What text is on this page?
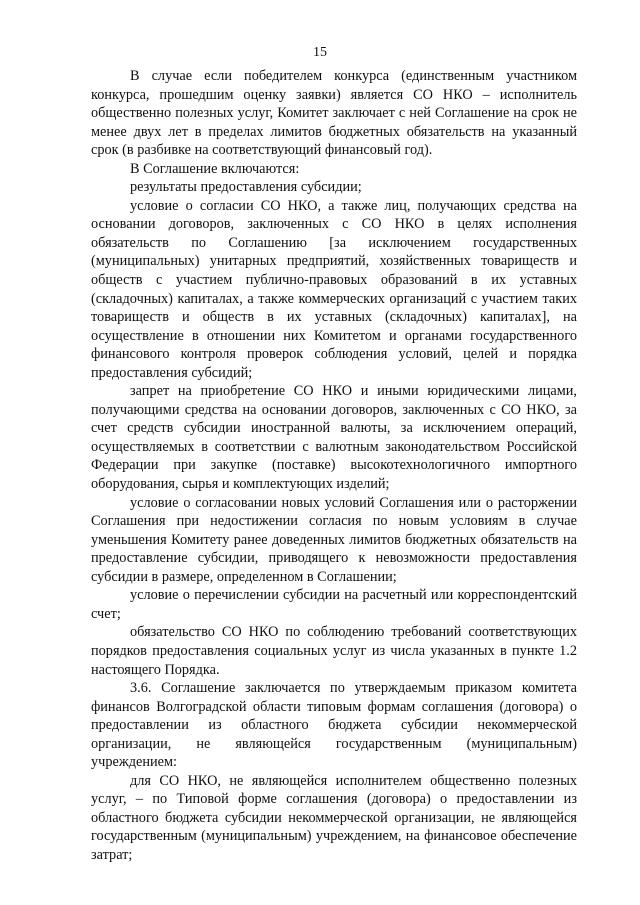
15

В случае если победителем конкурса (единственным участником конкурса, прошедшим оценку заявки) является СО НКО – исполнитель общественно полезных услуг, Комитет заключает с ней Соглашение на срок не менее двух лет в пределах лимитов бюджетных обязательств на указанный срок (в разбивке на соответствующий финансовый год).

В Соглашение включаются:

результаты предоставления субсидии;

условие о согласии СО НКО, а также лиц, получающих средства на основании договоров, заключенных с СО НКО в целях исполнения обязательств по Соглашению [за исключением государственных (муниципальных) унитарных предприятий, хозяйственных товариществ и обществ с участием публично-правовых образований в их уставных (складочных) капиталах, а также коммерческих организаций с участием таких товариществ и обществ в их уставных (складочных) капиталах], на осуществление в отношении них Комитетом и органами государственного финансового контроля проверок соблюдения условий, целей и порядка предоставления субсидий;

запрет на приобретение СО НКО и иными юридическими лицами, получающими средства на основании договоров, заключенных с СО НКО, за счет средств субсидии иностранной валюты, за исключением операций, осуществляемых в соответствии с валютным законодательством Российской Федерации при закупке (поставке) высокотехнологичного импортного оборудования, сырья и комплектующих изделий;

условие о согласовании новых условий Соглашения или о расторжении Соглашения при недостижении согласия по новым условиям в случае уменьшения Комитету ранее доведенных лимитов бюджетных обязательств на предоставление субсидии, приводящего к невозможности предоставления субсидии в размере, определенном в Соглашении;

условие о перечислении субсидии на расчетный или корреспондентский счет;

обязательство СО НКО по соблюдению требований соответствующих порядков предоставления социальных услуг из числа указанных в пункте 1.2 настоящего Порядка.

3.6. Соглашение заключается по утверждаемым приказом комитета финансов Волгоградской области типовым формам соглашения (договора) о предоставлении из областного бюджета субсидии некоммерческой организации, не являющейся государственным (муниципальным) учреждением:

для СО НКО, не являющейся исполнителем общественно полезных услуг, – по Типовой форме соглашения (договора) о предоставлении из областного бюджета субсидии некоммерческой организации, не являющейся государственным (муниципальным) учреждением, на финансовое обеспечение затрат;
